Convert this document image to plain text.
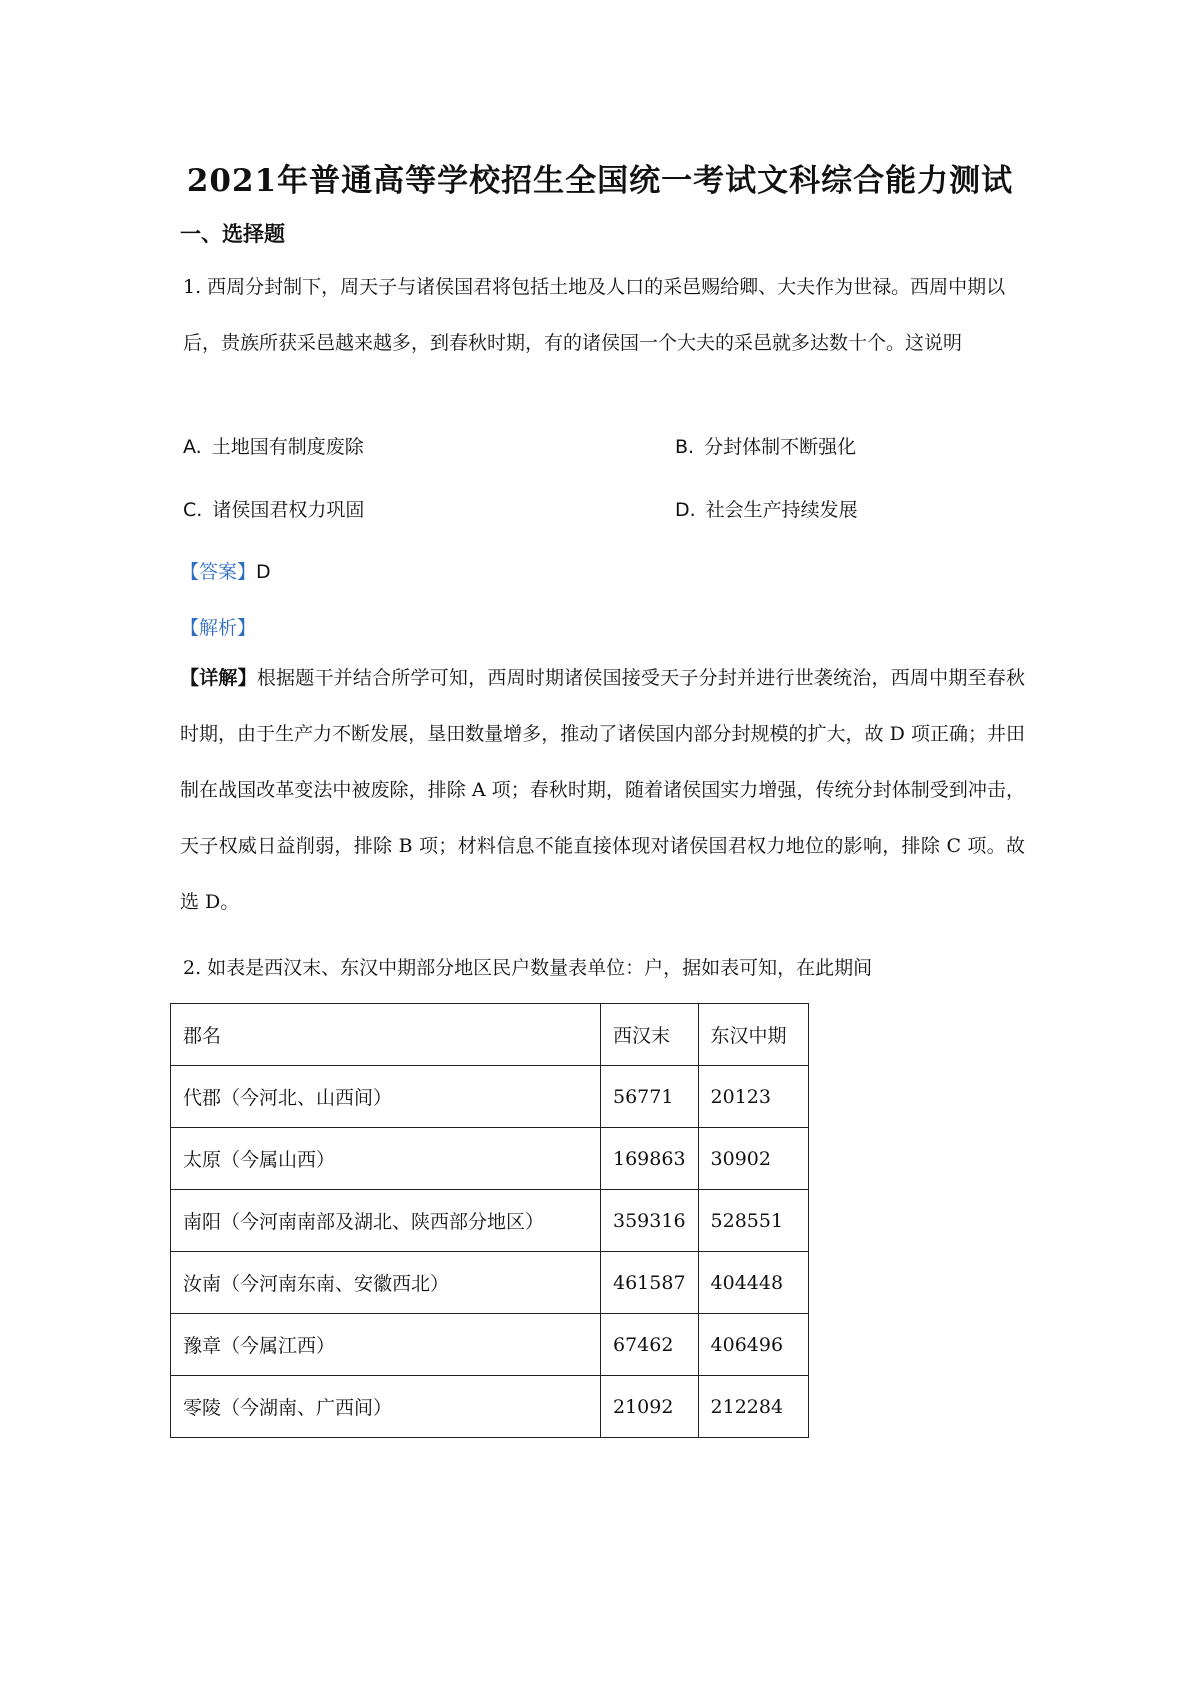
2021年普通高等学校招生全国统一考试文科综合能力测试
一、选择题
1. 西周分封制下，周天子与诸侯国君将包括土地及人口的采邑赐给卿、大夫作为世禄。西周中期以后，贵族所获采邑越来越多，到春秋时期，有的诸侯国一个大夫的采邑就多达数十个。这说明
A. 土地国有制度废除	B. 分封体制不断强化
C. 诸侯国君权力巩固	D. 社会生产持续发展
【答案】D
【解析】
【详解】根据题干并结合所学可知，西周时期诸侯国接受天子分封并进行世袭统治，西周中期至春秋时期，由于生产力不断发展，垦田数量增多，推动了诸侯国内部分封规模的扩大，故 D 项正确；井田制在战国改革变法中被废除，排除 A 项；春秋时期，随着诸侯国实力增强，传统分封体制受到冲击，天子权威日益削弱，排除 B 项；材料信息不能直接体现对诸侯国君权力地位的影响，排除 C 项。故选 D。
2. 如表是西汉末、东汉中期部分地区民户数量表单位：户，据如表可知，在此期间
郡名	西汉末	东汉中期
代郡（今河北、山西间）	56771	20123
太原（今属山西）	169863	30902
南阳（今河南南部及湖北、陕西部分地区）	359316	528551
汝南（今河南东南、安徽西北）	461587	404448
豫章（今属江西）	67462	406496
零陵（今湖南、广西间）	21092	212284
